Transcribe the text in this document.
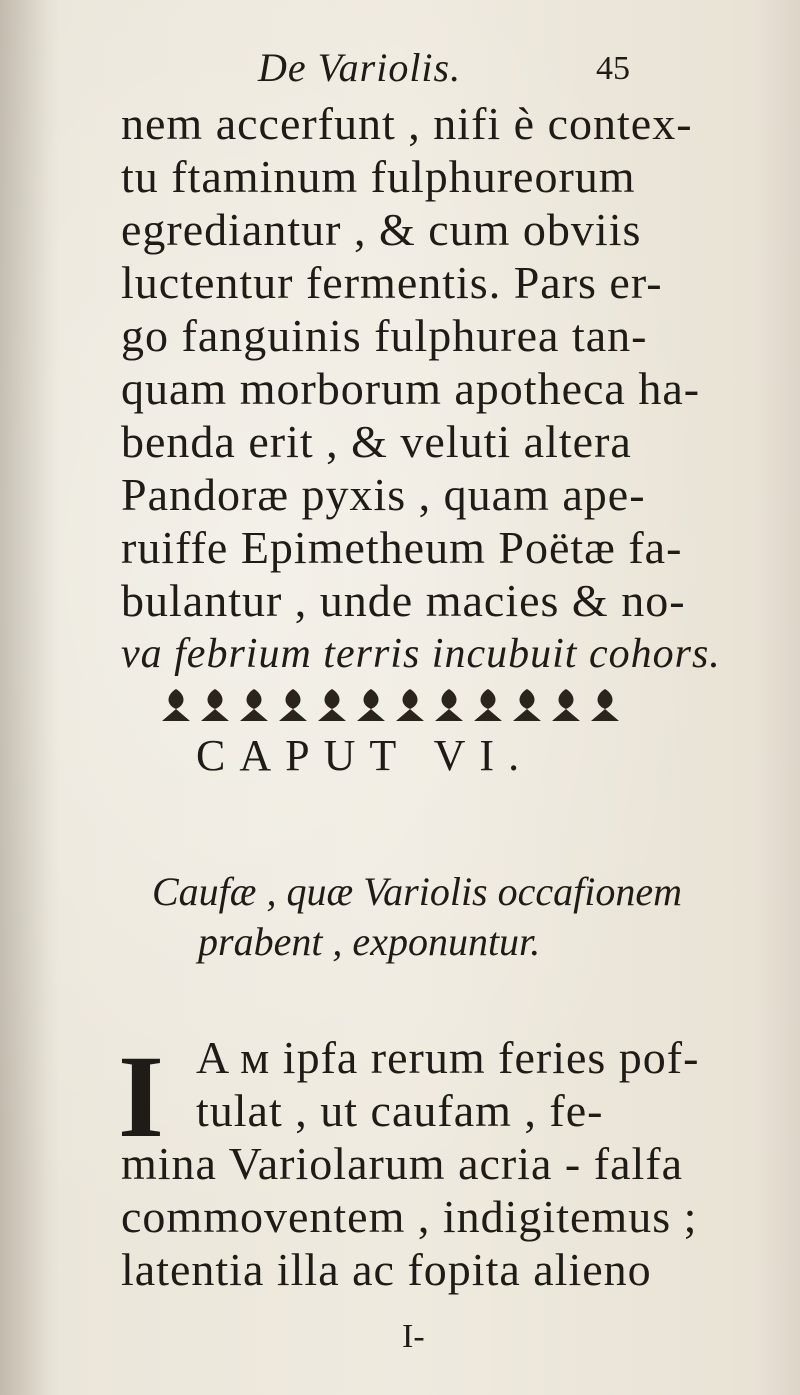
De Variolis.	45
nem accerfunt , nifi è contex-
tu ftaminum fulphureorum
egrediantur , & cum obviis
luctentur fermentis. Pars er-
go fanguinis fulphurea tan-
quam morborum apotheca ha-
benda erit , & veluti altera
Pandoræ pyxis , quam ape-
ruiffe Epimetheum Poëtæ fa-
bulantur , unde macies & no-
va febrium terris incubuit cohors.
CAPUT VI.
Caufæ , quæ Variolis occafionem
prabent , exponuntur.
I A м ipfa rerum feries pof-
tulat , ut caufam , fe-
mina Variolarum acria - falfa
commoventem , indigitemus ;
latentia illa ac fopita alieno
I-
